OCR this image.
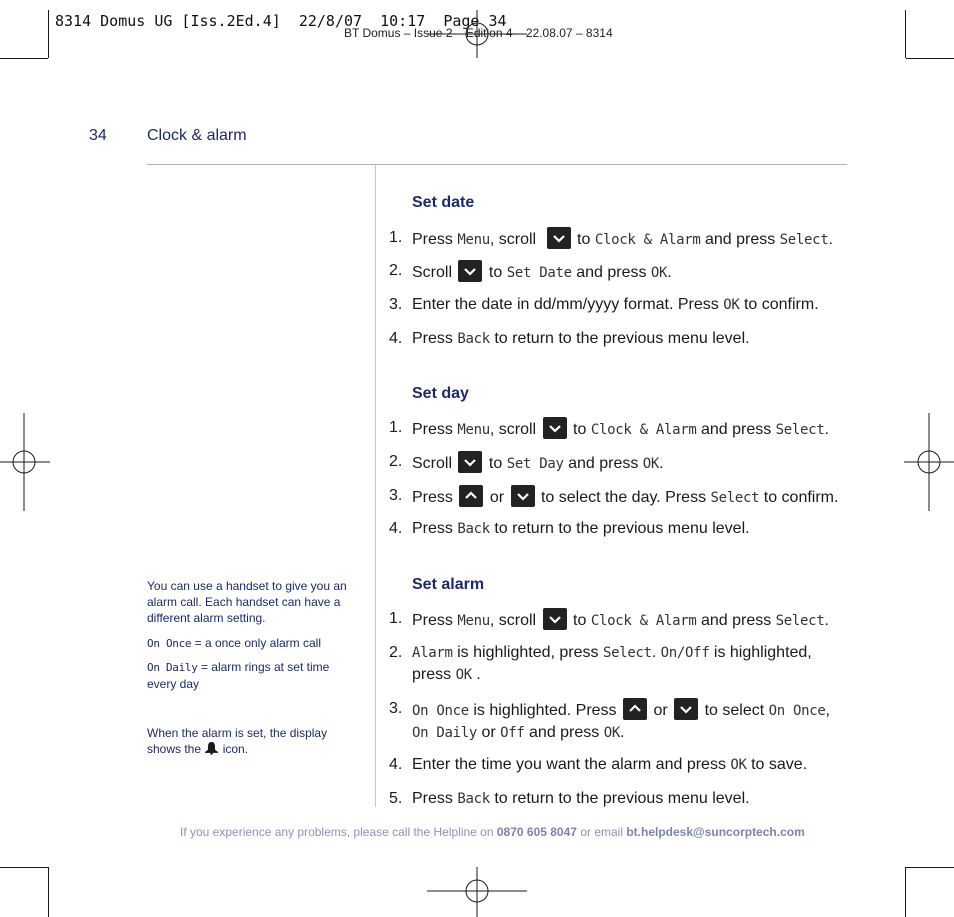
BT Domus – Issue 2 – Edition 4 – 22.08.07 – 8314
8314 Domus UG [Iss.2Ed.4]  22/8/07  10:17  Page 34
34	Clock & alarm
Set date
1. Press Menu, scroll	to Clock & Alarm and press Select.
2. Scroll to Set Date and press OK.
3. Enter the date in dd/mm/yyyy format. Press OK to confirm.
4. Press Back to return to the previous menu level.
Set day
1. Press Menu, scroll to Clock & Alarm and press Select.
2. Scroll to Set Day and press OK.
3. Press or to select the day. Press Select to confirm.
4. Press Back to return to the previous menu level.
Set alarm
1. Press Menu, scroll to Clock & Alarm and press Select.
2. Alarm is highlighted, press Select. On/Off is highlighted, press OK .
3. On Once is highlighted. Press or to select On Once, On Daily or Off and press OK.
4. Enter the time you want the alarm and press OK to save.
5. Press Back to return to the previous menu level.
You can use a handset to give you an alarm call. Each handset can have a different alarm setting.
On Once = a once only alarm call
On Daily = alarm rings at set time every day
When the alarm is set, the display shows the icon.
If you experience any problems, please call the Helpline on 0870 605 8047 or email bt.helpdesk@suncorptech.com
